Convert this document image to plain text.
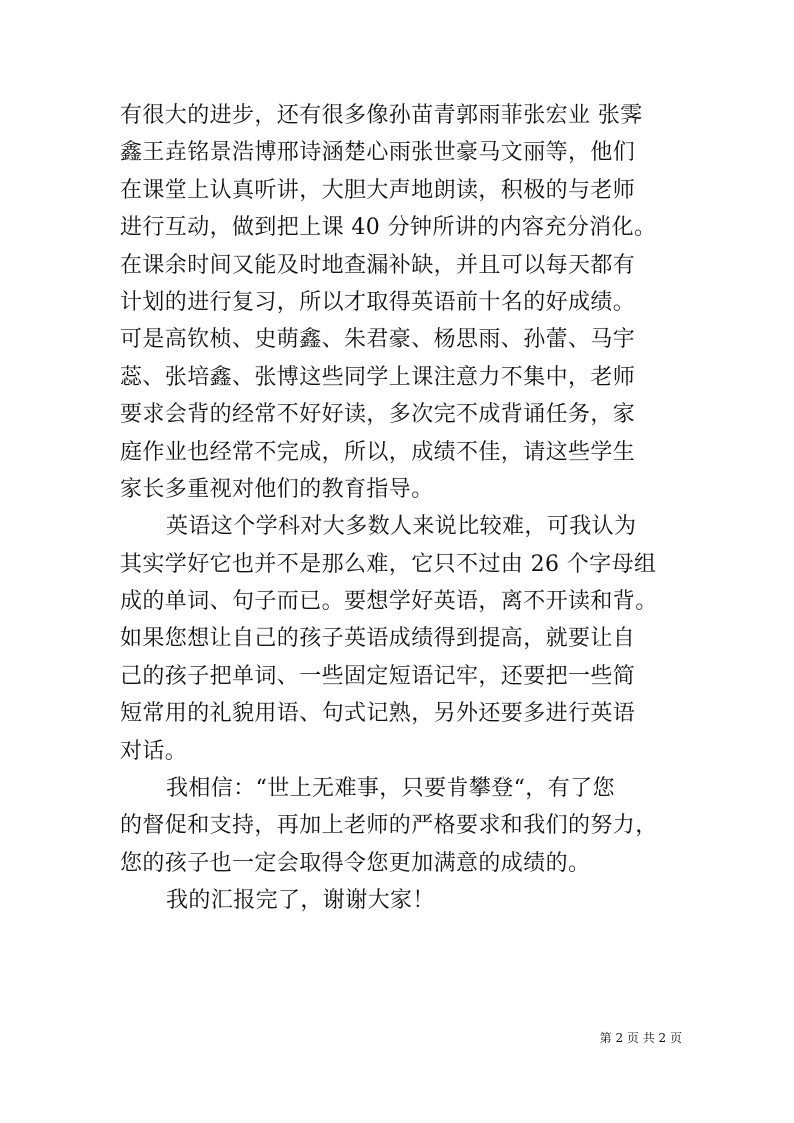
有很大的进步，还有很多像孙苗青郭雨菲张宏业 张霁
鑫王垚铭景浩博邢诗涵楚心雨张世豪马文丽等，他们
在课堂上认真听讲，大胆大声地朗读，积极的与老师
进行互动，做到把上课 40 分钟所讲的内容充分消化。
在课余时间又能及时地查漏补缺，并且可以每天都有
计划的进行复习，所以才取得英语前十名的好成绩。
可是高钦桢、史萌鑫、朱君豪、杨思雨、孙蕾、马宇
蕊、张培鑫、张博这些同学上课注意力不集中，老师
要求会背的经常不好好读，多次完不成背诵任务，家
庭作业也经常不完成，所以，成绩不佳，请这些学生
家长多重视对他们的教育指导。
英语这个学科对大多数人来说比较难，可我认为
其实学好它也并不是那么难，它只不过由 26 个字母组
成的单词、句子而已。要想学好英语，离不开读和背。
如果您想让自己的孩子英语成绩得到提高，就要让自
己的孩子把单词、一些固定短语记牢，还要把一些简
短常用的礼貌用语、句式记熟，另外还要多进行英语
对话。
我相信：“世上无难事，只要肯攀登“，有了您
的督促和支持，再加上老师的严格要求和我们的努力，
您的孩子也一定会取得令您更加满意的成绩的。
我的汇报完了，谢谢大家！
第 2 页 共 2 页
